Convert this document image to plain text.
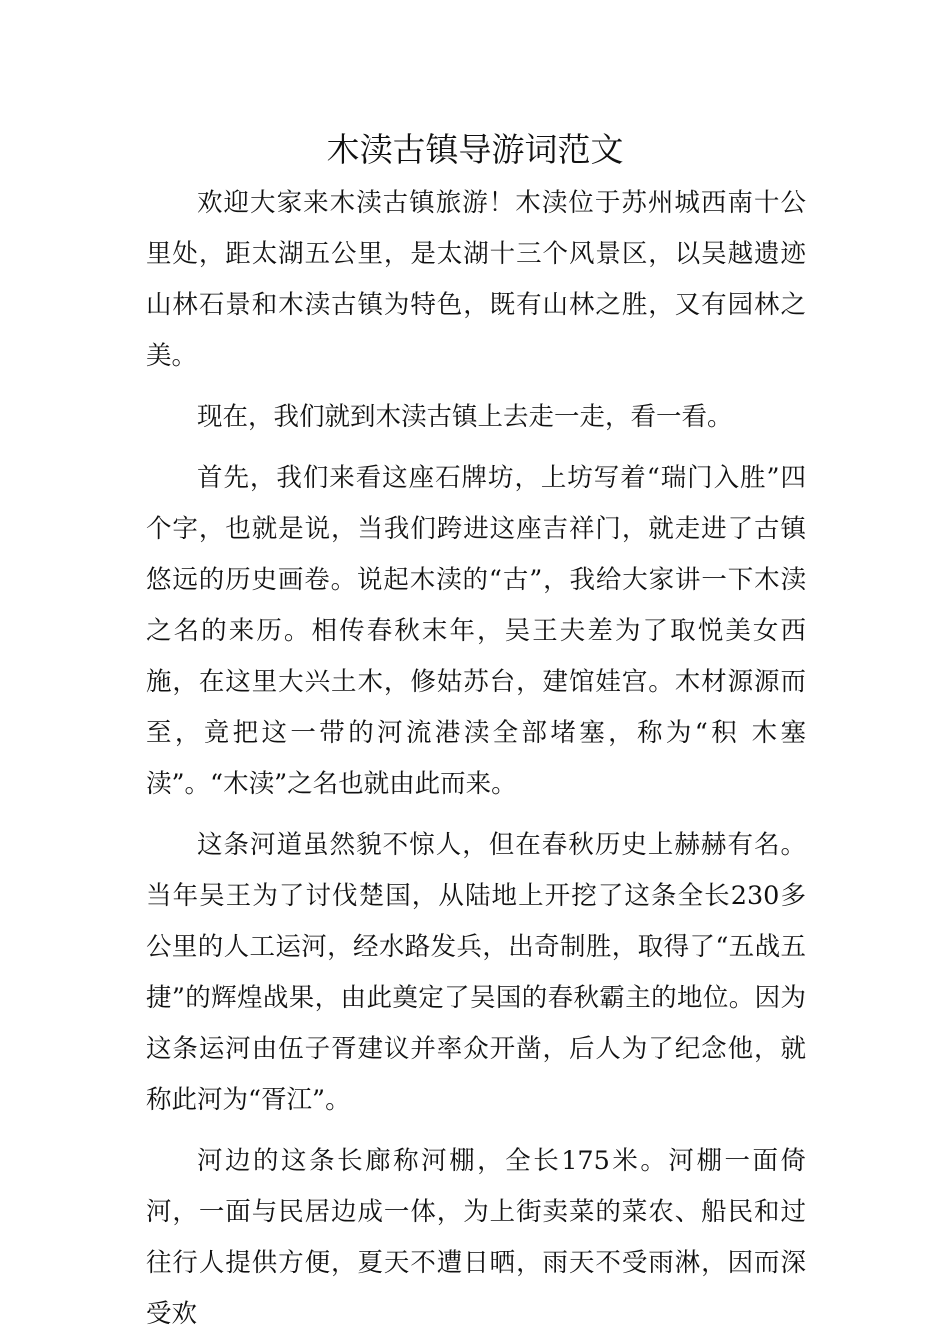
木渎古镇导游词范文

欢迎大家来木渎古镇旅游！木渎位于苏州城西南十公里处，距太湖五公里，是太湖十三个风景区，以吴越遗迹山林石景和木渎古镇为特色，既有山林之胜，又有园林之美。

现在，我们就到木渎古镇上去走一走，看一看。

首先，我们来看这座石牌坊，上坊写着“瑞门入胜”四个字，也就是说，当我们跨进这座吉祥门，就走进了古镇悠远的历史画卷。说起木渎的“古”，我给大家讲一下木渎之名的来历。相传春秋末年，吴王夫差为了取悦美女西施，在这里大兴土木，修姑苏台，建馆娃宫。木材源源而至，竟把这一带的河流港渎全部堵塞，称为“积 木塞渎”。“木渎”之名也就由此而来。

这条河道虽然貌不惊人，但在春秋历史上赫赫有名。当年吴王为了讨伐楚国，从陆地上开挖了这条全长230多公里的人工运河，经水路发兵，出奇制胜，取得了“五战五捷”的辉煌战果，由此奠定了吴国的春秋霸主的地位。因为这条运河由伍子胥建议并率众开凿，后人为了纪念他，就称此河为“胥江”。

河边的这条长廊称河棚，全长175米。河棚一面倚河，一面与民居边成一体，为上街卖菜的菜农、船民和过往行人提供方便，夏天不遭日晒，雨天不受雨淋，因而深受欢
